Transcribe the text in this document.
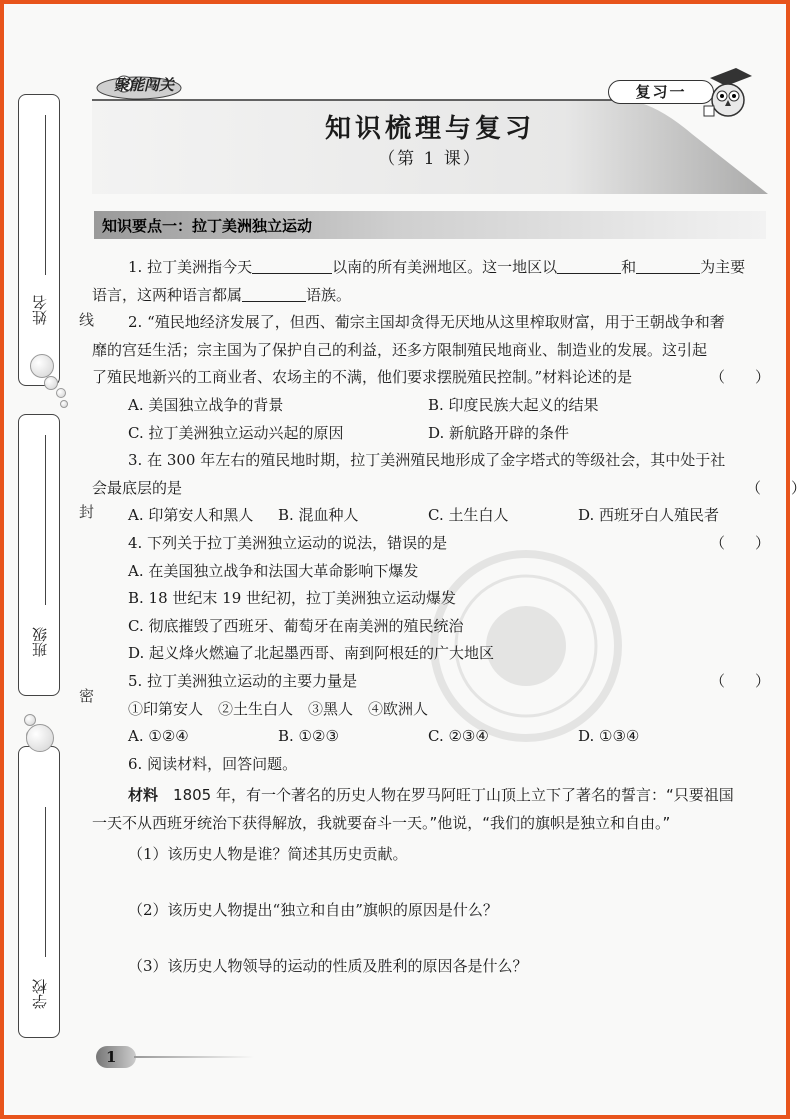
姓名
班级
学校
线
封
密
聚能闯关
知识梳理与复习
（第 1 课）
复习一
知识要点一：拉丁美洲独立运动
1. 拉丁美洲指今天	以南的所有美洲地区。这一地区以	和	为主要
语言，这两种语言都属	语族。
2. “殖民地经济发展了，但西、葡宗主国却贪得无厌地从这里榨取财富，用于王朝战争和奢
靡的宫廷生活；宗主国为了保护自己的利益，还多方限制殖民地商业、制造业的发展。这引起
了殖民地新兴的工商业者、农场主的不满，他们要求摆脱殖民控制。”材料论述的是	（　　）
A. 美国独立战争的背景	B. 印度民族大起义的结果
C. 拉丁美洲独立运动兴起的原因	D. 新航路开辟的条件
3. 在 300 年左右的殖民地时期，拉丁美洲殖民地形成了金字塔式的等级社会，其中处于社
会最底层的是	（　　）
A. 印第安人和黑人	B. 混血种人	C. 土生白人	D. 西班牙白人殖民者
4. 下列关于拉丁美洲独立运动的说法，错误的是	（　　）
A. 在美国独立战争和法国大革命影响下爆发
B. 18 世纪末 19 世纪初，拉丁美洲独立运动爆发
C. 彻底摧毁了西班牙、葡萄牙在南美洲的殖民统治
D. 起义烽火燃遍了北起墨西哥、南到阿根廷的广大地区
5. 拉丁美洲独立运动的主要力量是	（　　）
①印第安人　②土生白人　③黑人　④欧洲人
A. ①②④	B. ①②③	C. ②③④	D. ①③④
6. 阅读材料，回答问题。
材料　 1805 年，有一个著名的历史人物在罗马阿旺丁山顶上立下了著名的誓言：“只要祖国
一天不从西班牙统治下获得解放，我就要奋斗一天。”他说，“我们的旗帜是独立和自由。”
（1）该历史人物是谁？简述其历史贡献。
（2）该历史人物提出“独立和自由”旗帜的原因是什么？
（3）该历史人物领导的运动的性质及胜利的原因各是什么？
1
